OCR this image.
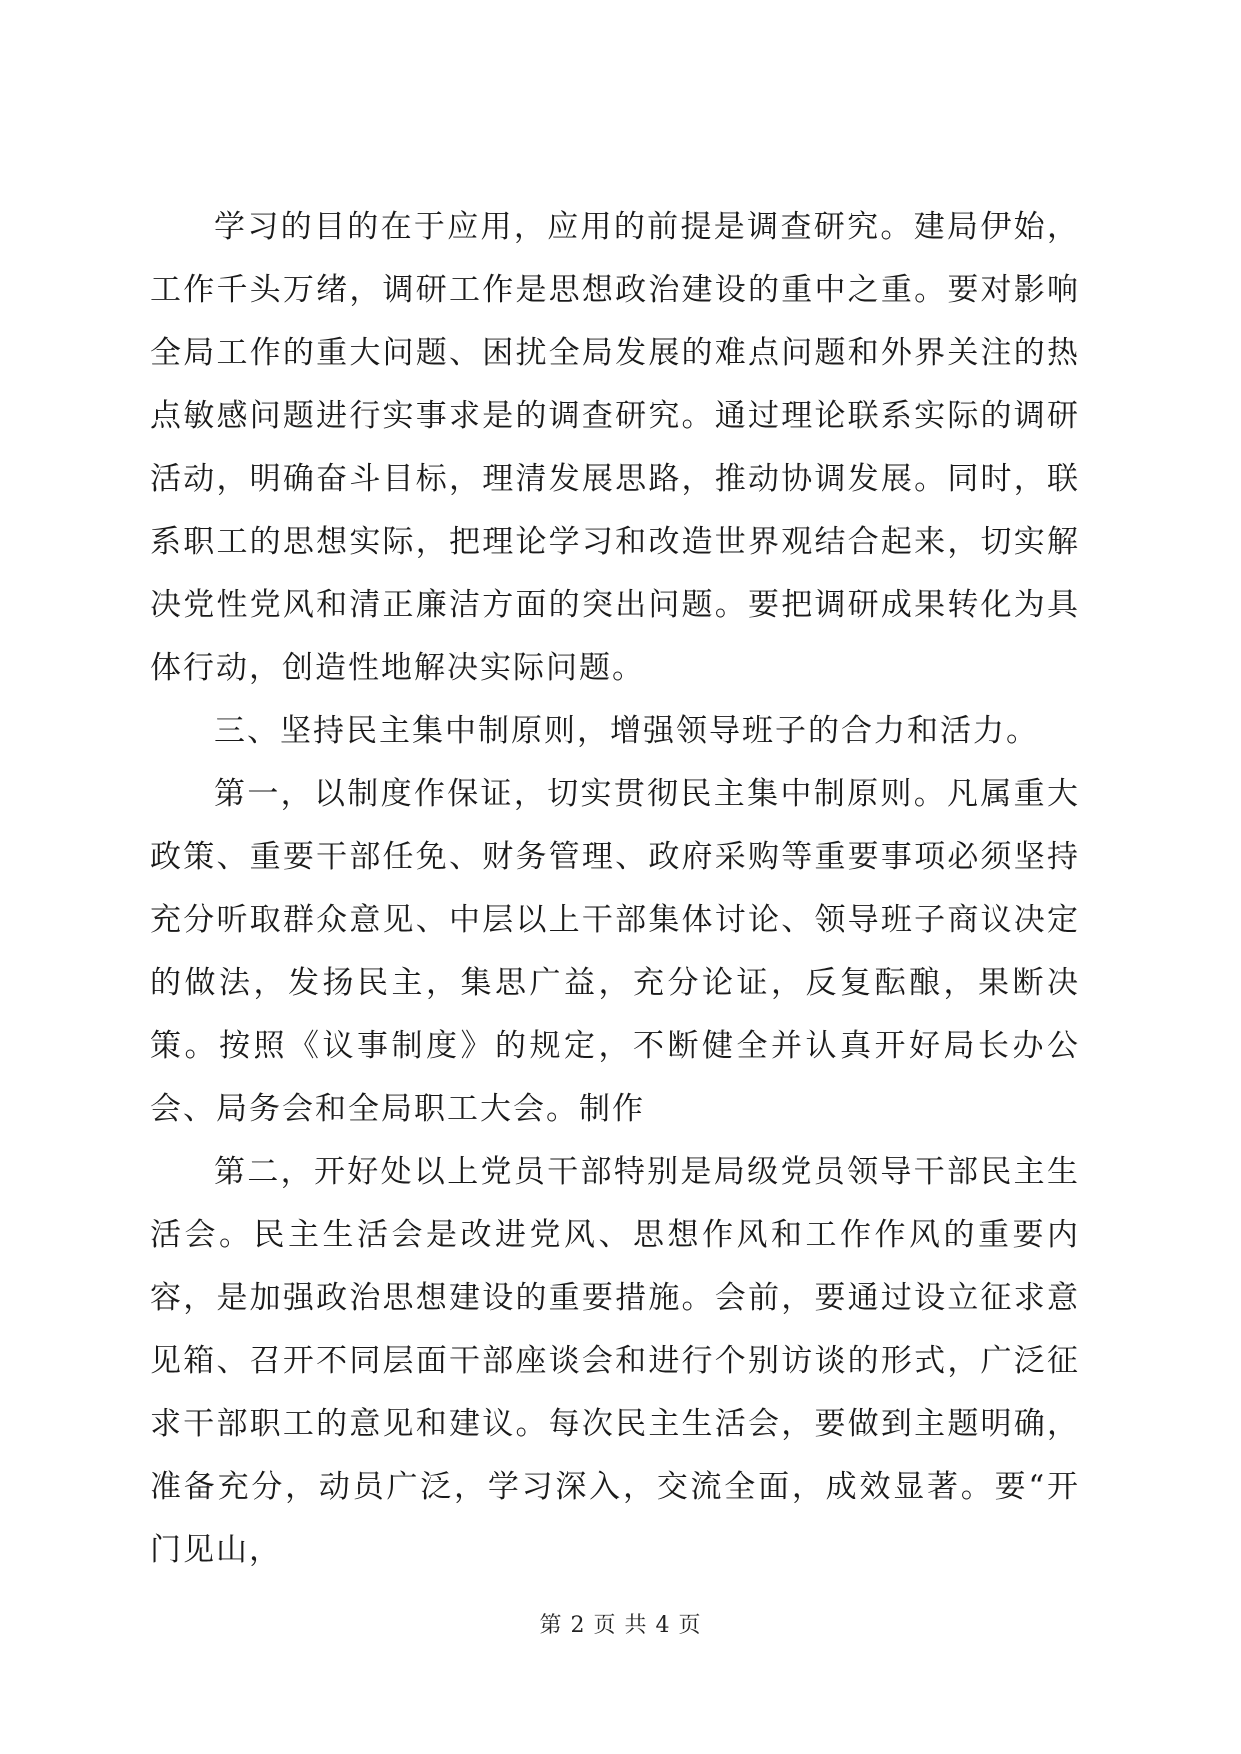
学习的目的在于应用，应用的前提是调查研究。建局伊始，工作千头万绪，调研工作是思想政治建设的重中之重。要对影响全局工作的重大问题、困扰全局发展的难点问题和外界关注的热点敏感问题进行实事求是的调查研究。通过理论联系实际的调研活动，明确奋斗目标，理清发展思路，推动协调发展。同时，联系职工的思想实际，把理论学习和改造世界观结合起来，切实解决党性党风和清正廉洁方面的突出问题。要把调研成果转化为具体行动，创造性地解决实际问题。

三、坚持民主集中制原则，增强领导班子的合力和活力。

第一，以制度作保证，切实贯彻民主集中制原则。凡属重大政策、重要干部任免、财务管理、政府采购等重要事项必须坚持充分听取群众意见、中层以上干部集体讨论、领导班子商议决定的做法，发扬民主，集思广益，充分论证，反复酝酿，果断决策。按照《议事制度》的规定，不断健全并认真开好局长办公会、局务会和全局职工大会。制作

第二，开好处以上党员干部特别是局级党员领导干部民主生活会。民主生活会是改进党风、思想作风和工作作风的重要内容，是加强政治思想建设的重要措施。会前，要通过设立征求意见箱、召开不同层面干部座谈会和进行个别访谈的形式，广泛征求干部职工的意见和建议。每次民主生活会，要做到主题明确，准备充分，动员广泛，学习深入，交流全面，成效显著。要“开门见山，

第 2 页 共 4 页
